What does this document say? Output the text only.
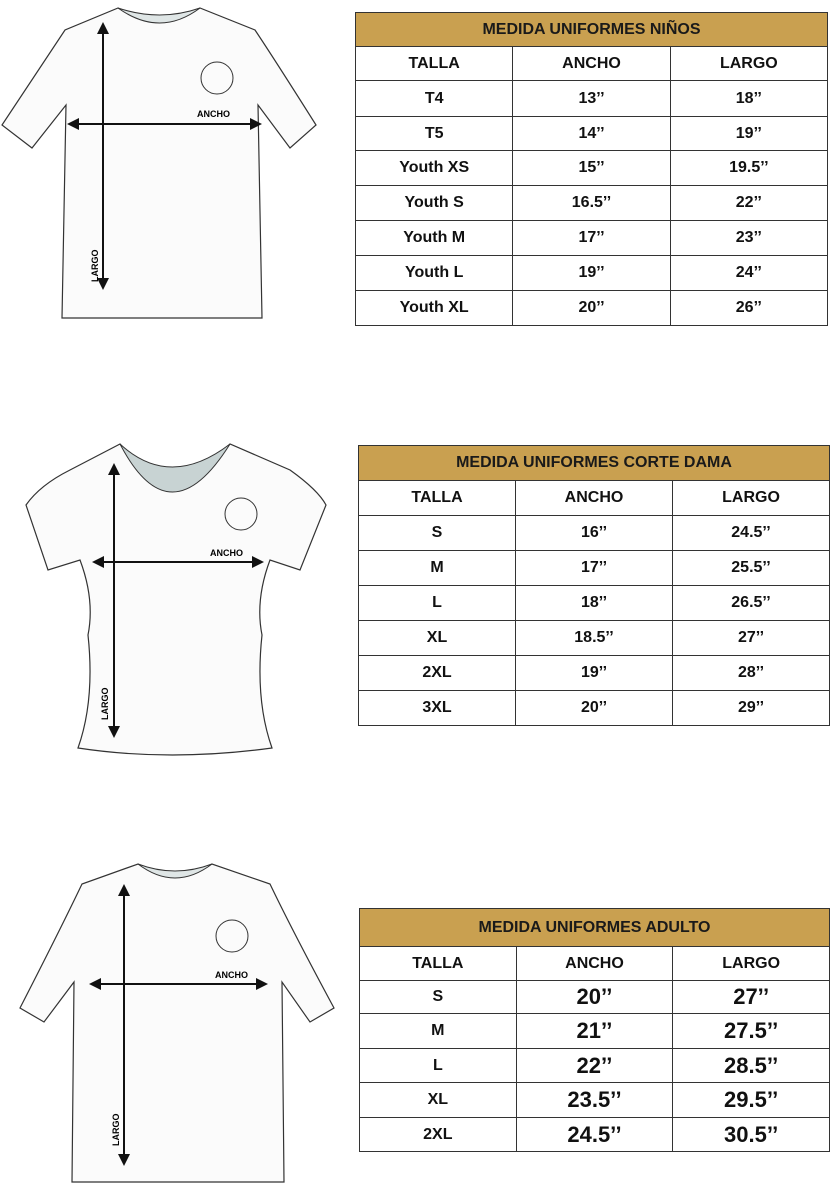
ANCHO
LARGO
ANCHO
LARGO
ANCHO
LARGO
MEDIDA UNIFORMES NIÑOS		
TALLA	ANCHO	LARGO
T4	13’’	18’’
T5	14’’	19’’
Youth XS	15’’	19.5’’
Youth S	16.5’’	22’’
Youth M	17’’	23’’
Youth L	19’’	24’’
Youth XL	20’’	26’’
MEDIDA UNIFORMES CORTE DAMA		
TALLA	ANCHO	LARGO
S	16’’	24.5’’
M	17’’	25.5’’
L	18’’	26.5’’
XL	18.5’’	27’’
2XL	19’’	28’’
3XL	20’’	29’’
MEDIDA UNIFORMES ADULTO		
TALLA	ANCHO	LARGO
S	20’’	27’’
M	21’’	27.5’’
L	22’’	28.5’’
XL	23.5’’	29.5’’
2XL	24.5’’	30.5’’
